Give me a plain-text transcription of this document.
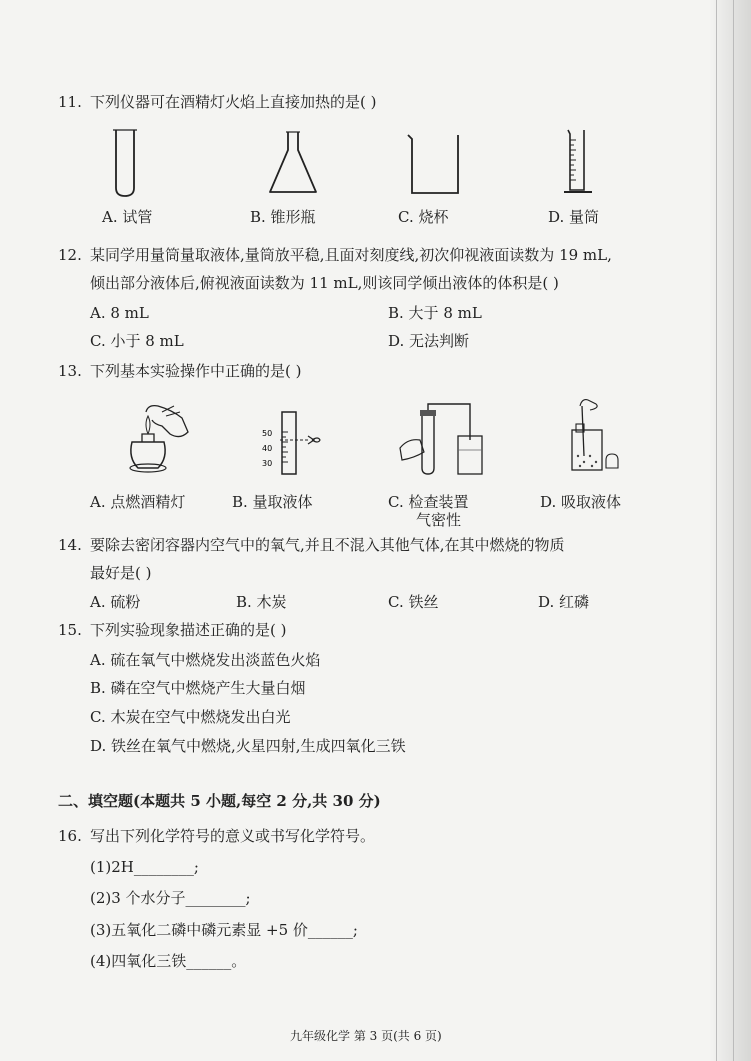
11. 下列仪器可在酒精灯火焰上直接加热的是( )
A. 试管	B. 锥形瓶	C. 烧杯	D. 量筒
12. 某同学用量筒量取液体,量筒放平稳,且面对刻度线,初次仰视液面读数为 19 mL,
倾出部分液体后,俯视液面读数为 11 mL,则该同学倾出液体的体积是( )
A. 8 mL	B. 大于 8 mL
C. 小于 8 mL	D. 无法判断
13. 下列基本实验操作中正确的是( )
50
40
30
A. 点燃酒精灯	B. 量取液体	C. 检查装置
气密性
D. 吸取液体
14. 要除去密闭容器内空气中的氧气,并且不混入其他气体,在其中燃烧的物质
最好是( )
A. 硫粉	B. 木炭	C. 铁丝	D. 红磷
15. 下列实验现象描述正确的是( )
A. 硫在氧气中燃烧发出淡蓝色火焰
B. 磷在空气中燃烧产生大量白烟
C. 木炭在空气中燃烧发出白光
D. 铁丝在氧气中燃烧,火星四射,生成四氧化三铁
二、填空题(本题共 5 小题,每空 2 分,共 30 分)
16. 写出下列化学符号的意义或书写化学符号。
(1)2H________;
(2)3 个水分子________;
(3)五氧化二磷中磷元素显 +5 价______;
(4)四氧化三铁______。
九年级化学 第 3 页(共 6 页)
